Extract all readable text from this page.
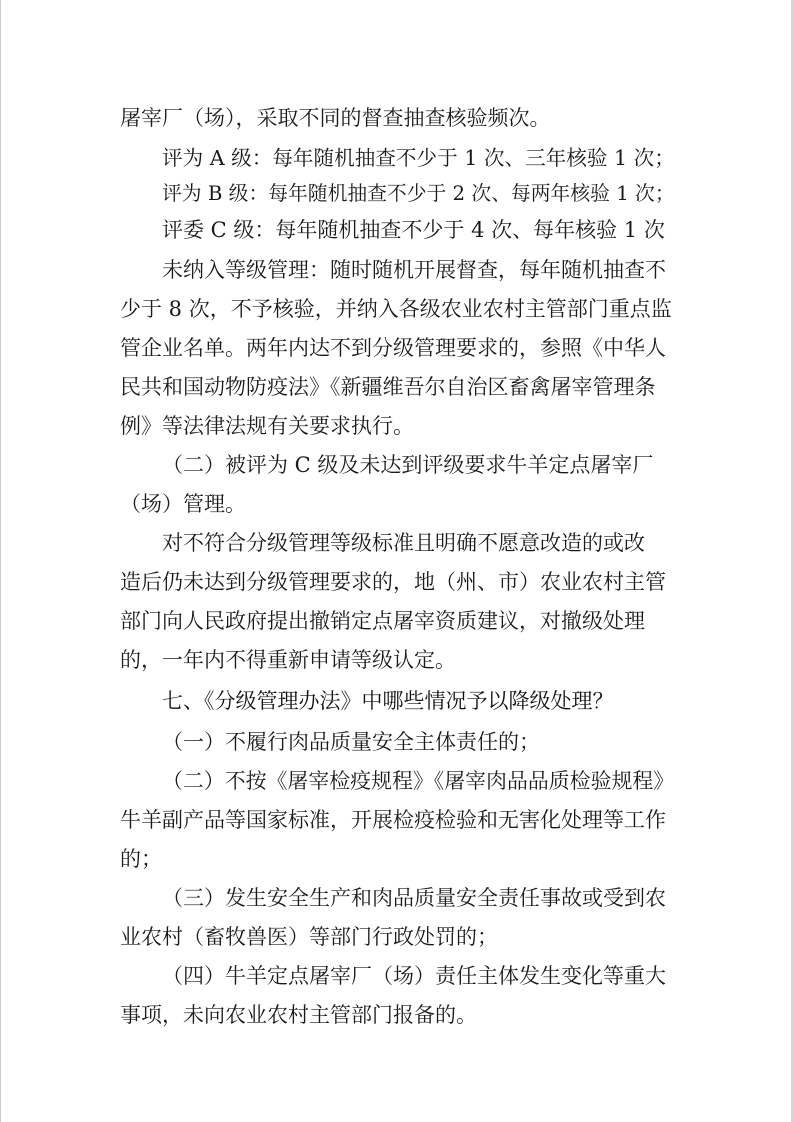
屠宰厂（场），采取不同的督查抽查核验频次。

评为 A 级：每年随机抽查不少于 1 次、三年核验 1 次；

评为 B 级：每年随机抽查不少于 2 次、每两年核验 1 次；

评委 C 级：每年随机抽查不少于 4 次、每年核验 1 次

未纳入等级管理：随时随机开展督查，每年随机抽查不

少于 8 次，不予核验，并纳入各级农业农村主管部门重点监

管企业名单。两年内达不到分级管理要求的，参照《中华人

民共和国动物防疫法》《新疆维吾尔自治区畜禽屠宰管理条

例》等法律法规有关要求执行。

（二）被评为 C 级及未达到评级要求牛羊定点屠宰厂

（场）管理。

对不符合分级管理等级标准且明确不愿意改造的或改

造后仍未达到分级管理要求的，地（州、市）农业农村主管

部门向人民政府提出撤销定点屠宰资质建议，对撤级处理

的，一年内不得重新申请等级认定。

七、《分级管理办法》中哪些情况予以降级处理？

（一）不履行肉品质量安全主体责任的；

（二）不按《屠宰检疫规程》《屠宰肉品品质检验规程》

牛羊副产品等国家标准，开展检疫检验和无害化处理等工作

的；

（三）发生安全生产和肉品质量安全责任事故或受到农

业农村（畜牧兽医）等部门行政处罚的；

（四）牛羊定点屠宰厂（场）责任主体发生变化等重大

事项，未向农业农村主管部门报备的。
